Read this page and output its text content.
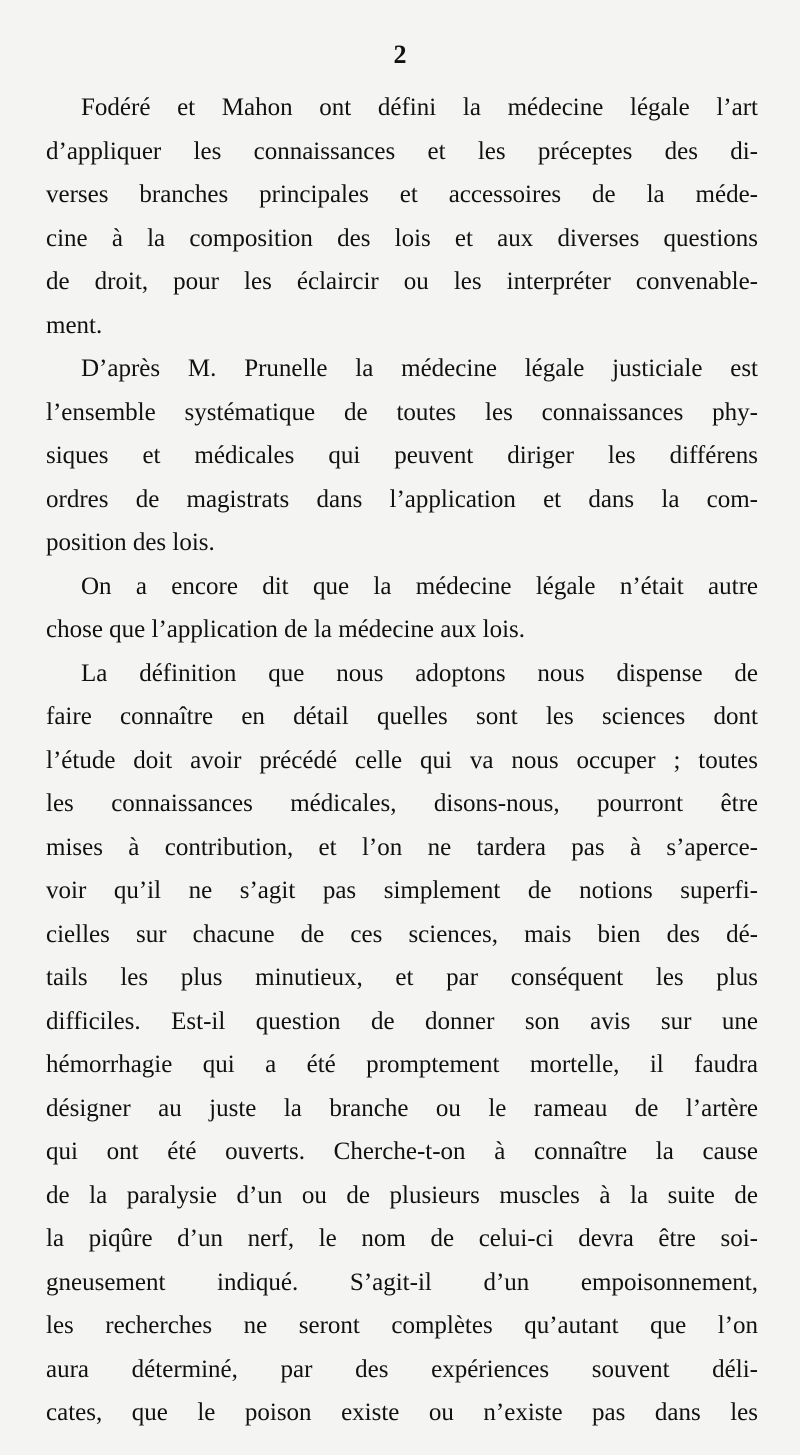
2
Fodéré et Mahon ont défini la médecine légale l’art
d’appliquer les connaissances et les préceptes des di-
verses branches principales et accessoires de la méde-
cine à la composition des lois et aux diverses questions
de droit, pour les éclaircir ou les interpréter convenable-
ment.
D’après M. Prunelle la médecine légale justiciale est
l’ensemble systématique de toutes les connaissances phy-
siques et médicales qui peuvent diriger les différens
ordres de magistrats dans l’application et dans la com-
position des lois.
On a encore dit que la médecine légale n’était autre
chose que l’application de la médecine aux lois.
La définition que nous adoptons nous dispense de
faire connaître en détail quelles sont les sciences dont
l’étude doit avoir précédé celle qui va nous occuper ; toutes
les connaissances médicales, disons-nous, pourront être
mises à contribution, et l’on ne tardera pas à s’aperce-
voir qu’il ne s’agit pas simplement de notions superfi-
cielles sur chacune de ces sciences, mais bien des dé-
tails les plus minutieux, et par conséquent les plus
difficiles. Est-il question de donner son avis sur une
hémorrhagie qui a été promptement mortelle, il faudra
désigner au juste la branche ou le rameau de l’artère
qui ont été ouverts. Cherche-t-on à connaître la cause
de la paralysie d’un ou de plusieurs muscles à la suite de
la piqûre d’un nerf, le nom de celui-ci devra être soi-
gneusement indiqué. S’agit-il d’un empoisonnement,
les recherches ne seront complètes qu’autant que l’on
aura déterminé, par des expériences souvent déli-
cates, que le poison existe ou n’existe pas dans les
